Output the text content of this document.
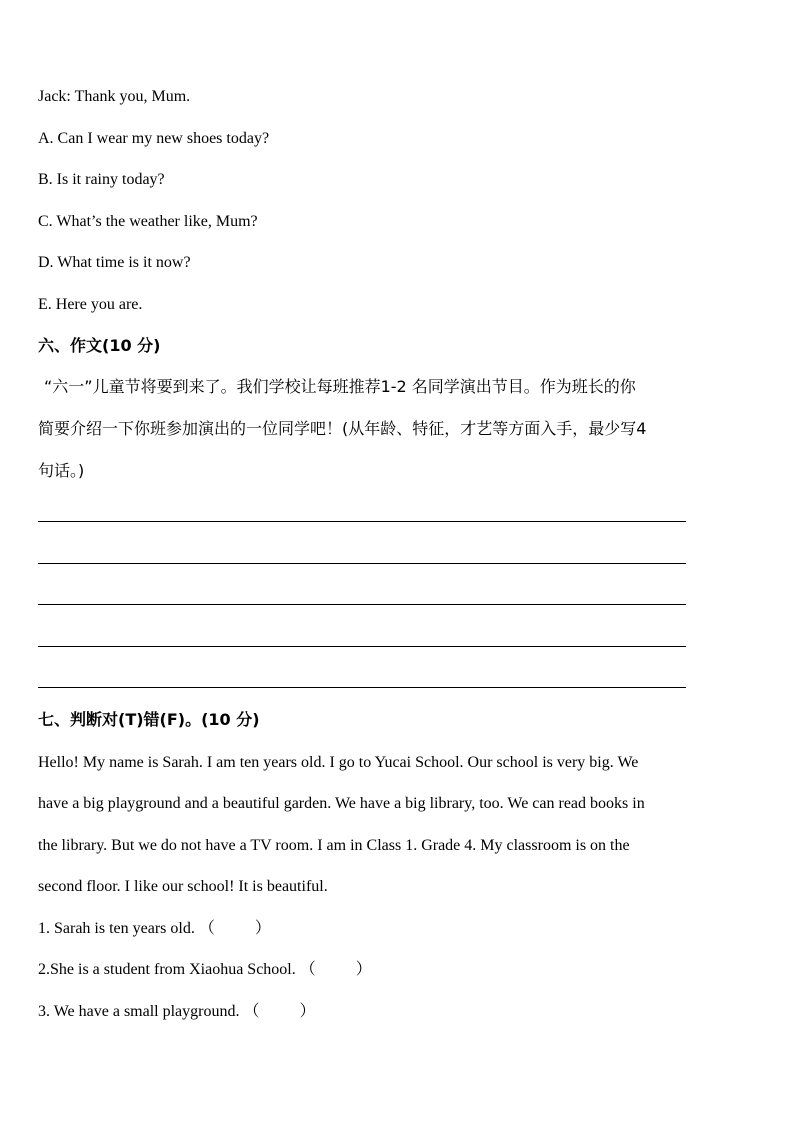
Jack: Thank you, Mum.
A. Can I wear my new shoes today?
B. Is it rainy today?
C. What’s the weather like, Mum?
D. What time is it now?
E. Here you are.
六、作文(10 分)
“六一”儿童节将要到来了。我们学校让每班推荐1-2 名同学演出节目。作为班长的你
简要介绍一下你班参加演出的一位同学吧！(从年龄、特征，才艺等方面入手，最少写4
句话。)
七、判断对(T)错(F)。(10 分)
Hello! My name is Sarah. I am ten years old. I go to Yucai School. Our school is very big. We
have a big playground and a beautiful garden. We have a big library, too. We can read books in
the library. But we do not have a TV room. I am in Class 1. Grade 4. My classroom is on the
second floor. I like our school! It is beautiful.
1. Sarah is ten years old. （          ）
2.She is a student from Xiaohua School. （          ）
3. We have a small playground. （          ）
